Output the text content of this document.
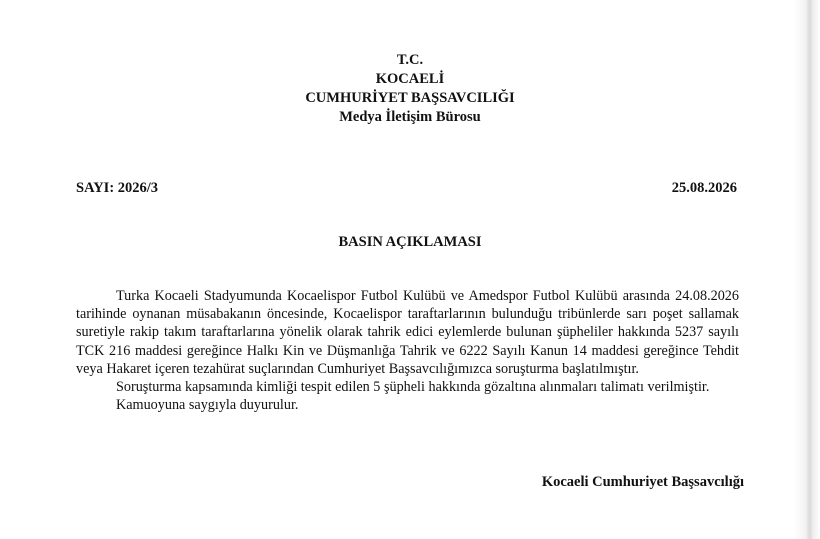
T.C.
KOCAELİ
CUMHURİYET BAŞSAVCILIĞI
Medya İletişim Bürosu
SAYI: 2026/3	25.08.2026
BASIN AÇIKLAMASI

Turka Kocaeli Stadyumunda Kocaelispor Futbol Kulübü ve Amedspor Futbol Kulübü arasında 24.08.2026 tarihinde oynanan müsabakanın öncesinde, Kocaelispor taraftarlarının bulunduğu tribünlerde sarı poşet sallamak suretiyle rakip takım taraftarlarına yönelik olarak tahrik edici eylemlerde bulunan şüpheliler hakkında 5237 sayılı TCK 216 maddesi gereğince Halkı Kin ve Düşmanlığa Tahrik ve 6222 Sayılı Kanun 14 maddesi gereğince Tehdit veya Hakaret içeren tezahürat suçlarından Cumhuriyet Başsavcılığımızca soruşturma başlatılmıştır.

Soruşturma kapsamında kimliği tespit edilen 5 şüpheli hakkında gözaltına alınmaları talimatı verilmiştir.

Kamuoyuna saygıyla duyurulur.

Kocaeli Cumhuriyet Başsavcılığı
